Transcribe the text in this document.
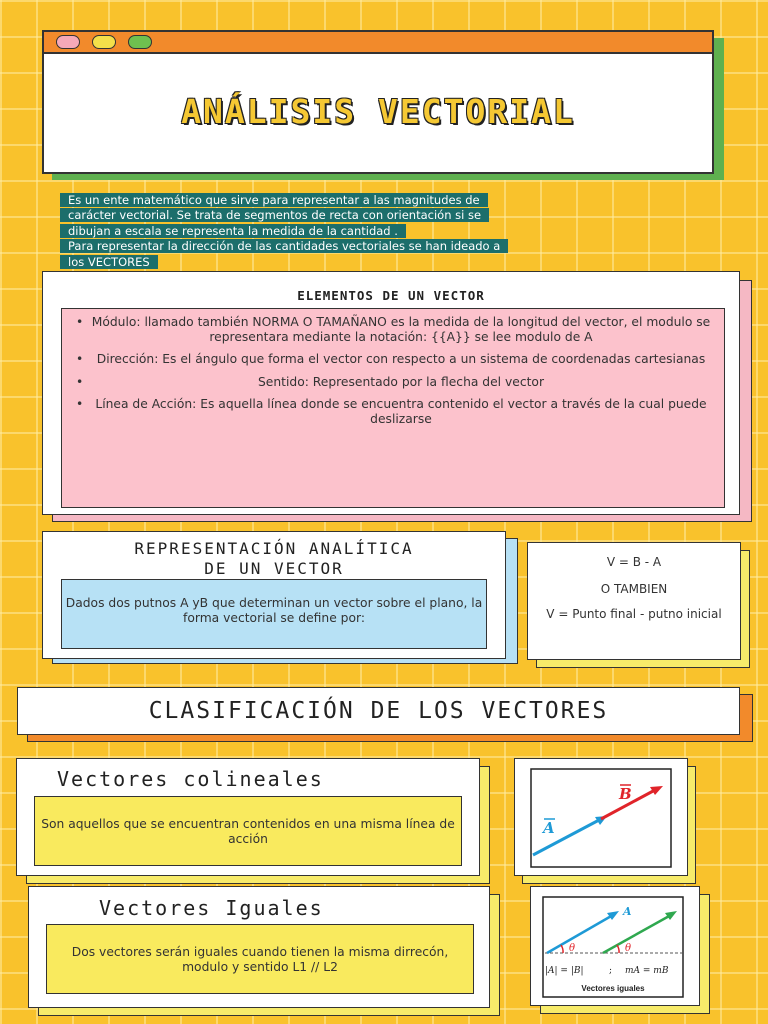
ANÁLISIS VECTORIAL
Es un ente matemático que sirve para representar a las magnitudes de
carácter vectorial. Se trata de segmentos de recta con orientación si se
dibujan a escala se representa la medida de la cantidad .
Para representar la dirección de las cantidades vectoriales se han ideado a
los VECTORES
ELEMENTOS DE UN VECTOR
• Módulo: llamado también NORMA O TAMAÑANO es la medida de la longitud del vector, el modulo se representara mediante la notación: {{A}} se lee modulo de A
• Dirección: Es el ángulo que forma el vector con respecto a un sistema de coordenadas cartesianas
• Sentido: Representado por la flecha del vector
• Línea de Acción: Es aquella línea donde se encuentra contenido el vector a través de la cual puede deslizarse
REPRESENTACIÓN ANALÍTICA
DE UN VECTOR
Dados dos putnos A yB que determinan un vector sobre el plano, la forma vectorial se define por:
V = B - A
O TAMBIEN
V = Punto final - putno inicial
CLASIFICACIÓN DE LOS VECTORES
Vectores colineales
Son aquellos que se encuentran contenidos en una misma línea de acción
A
B
Vectores Iguales
Dos vectores serán iguales cuando tienen la misma dirrecón, modulo y sentido L1 // L2
A
θ	θ
|A| = |B|	; mA = mB
Vectores iguales
